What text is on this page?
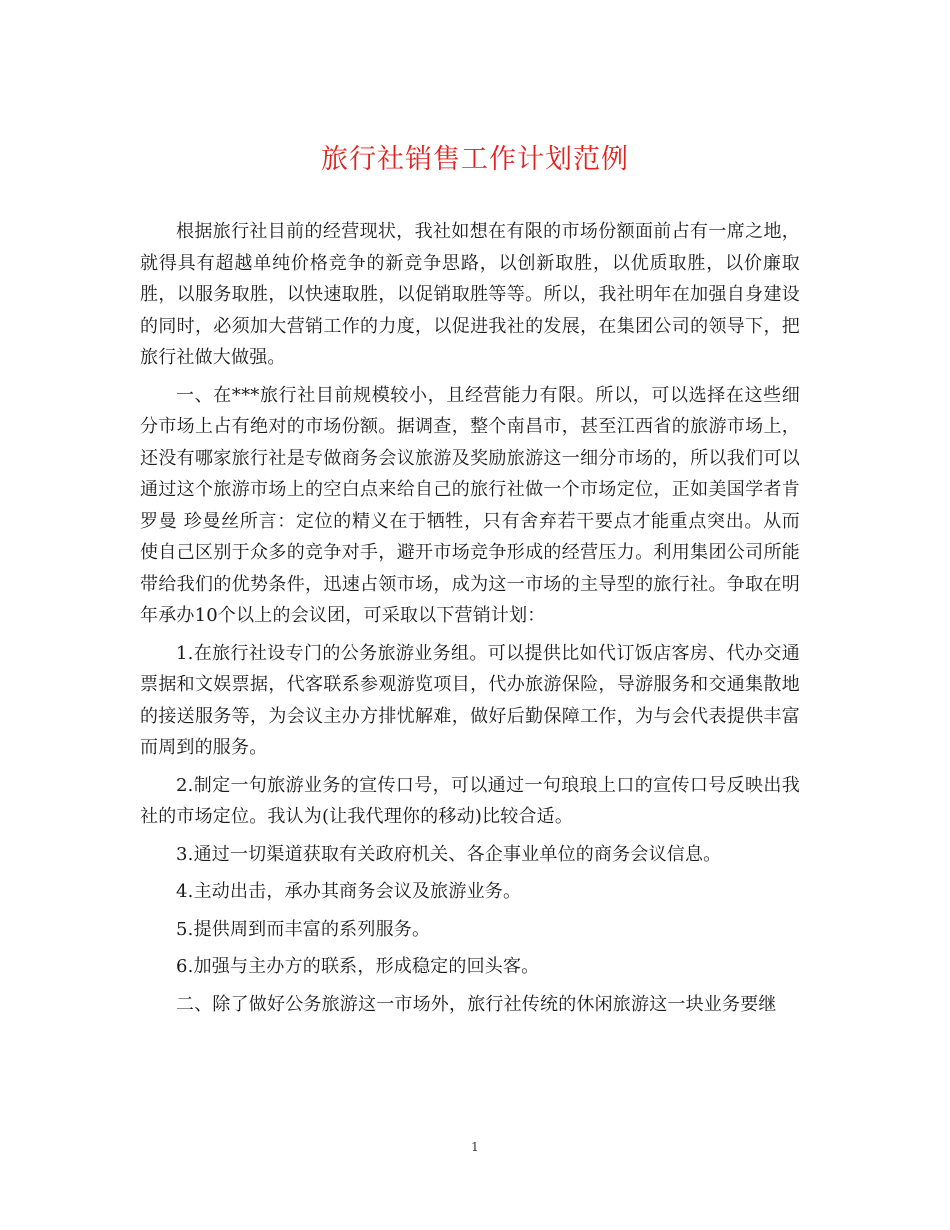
旅行社销售工作计划范例

根据旅行社目前的经营现状，我社如想在有限的市场份额面前占有一席之地，就得具有超越单纯价格竞争的新竞争思路，以创新取胜，以优质取胜，以价廉取胜，以服务取胜，以快速取胜，以促销取胜等等。所以，我社明年在加强自身建设的同时，必须加大营销工作的力度，以促进我社的发展，在集团公司的领导下，把旅行社做大做强。

一、在***旅行社目前规模较小，且经营能力有限。所以，可以选择在这些细分市场上占有绝对的市场份额。据调查，整个南昌市，甚至江西省的旅游市场上，还没有哪家旅行社是专做商务会议旅游及奖励旅游这一细分市场的，所以我们可以通过这个旅游市场上的空白点来给自己的旅行社做一个市场定位，正如美国学者肯罗曼 珍曼丝所言：定位的精义在于牺牲，只有舍弃若干要点才能重点突出。从而使自己区别于众多的竞争对手，避开市场竞争形成的经营压力。利用集团公司所能带给我们的优势条件，迅速占领市场，成为这一市场的主导型的旅行社。争取在明年承办10个以上的会议团，可采取以下营销计划：

1.在旅行社设专门的公务旅游业务组。可以提供比如代订饭店客房、代办交通票据和文娱票据，代客联系参观游览项目，代办旅游保险，导游服务和交通集散地的接送服务等，为会议主办方排忧解难，做好后勤保障工作，为与会代表提供丰富而周到的服务。

2.制定一句旅游业务的宣传口号，可以通过一句琅琅上口的宣传口号反映出我社的市场定位。我认为(让我代理你的移动)比较合适。

3.通过一切渠道获取有关政府机关、各企事业单位的商务会议信息。

4.主动出击，承办其商务会议及旅游业务。

5.提供周到而丰富的系列服务。

6.加强与主办方的联系，形成稳定的回头客。

二、除了做好公务旅游这一市场外，旅行社传统的休闲旅游这一块业务要继

1
